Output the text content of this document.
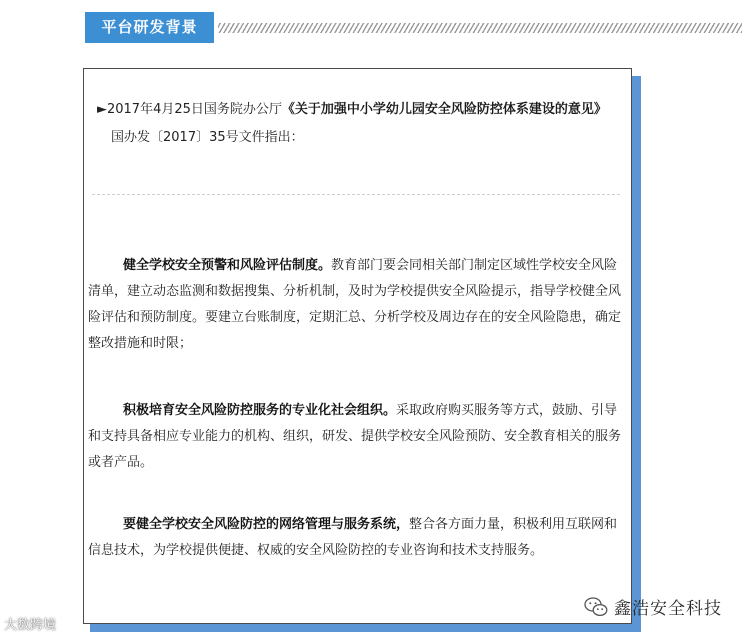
平台研发背景
►2017年4月25日国务院办公厅《关于加强中小学幼儿园安全风险防控体系建设的意见》国办发〔2017〕35号文件指出：

健全学校安全预警和风险评估制度。教育部门要会同相关部门制定区域性学校安全风险清单，建立动态监测和数据搜集、分析机制，及时为学校提供安全风险提示，指导学校健全风险评估和预防制度。要建立台账制度，定期汇总、分析学校及周边存在的安全风险隐患，确定整改措施和时限；

积极培育安全风险防控服务的专业化社会组织。采取政府购买服务等方式，鼓励、引导和支持具备相应专业能力的机构、组织，研发、提供学校安全风险预防、安全教育相关的服务或者产品。

要健全学校安全风险防控的网络管理与服务系统，整合各方面力量，积极利用互联网和信息技术，为学校提供便捷、权威的安全风险防控的专业咨询和技术支持服务。

大数跨境
鑫浩安全科技
